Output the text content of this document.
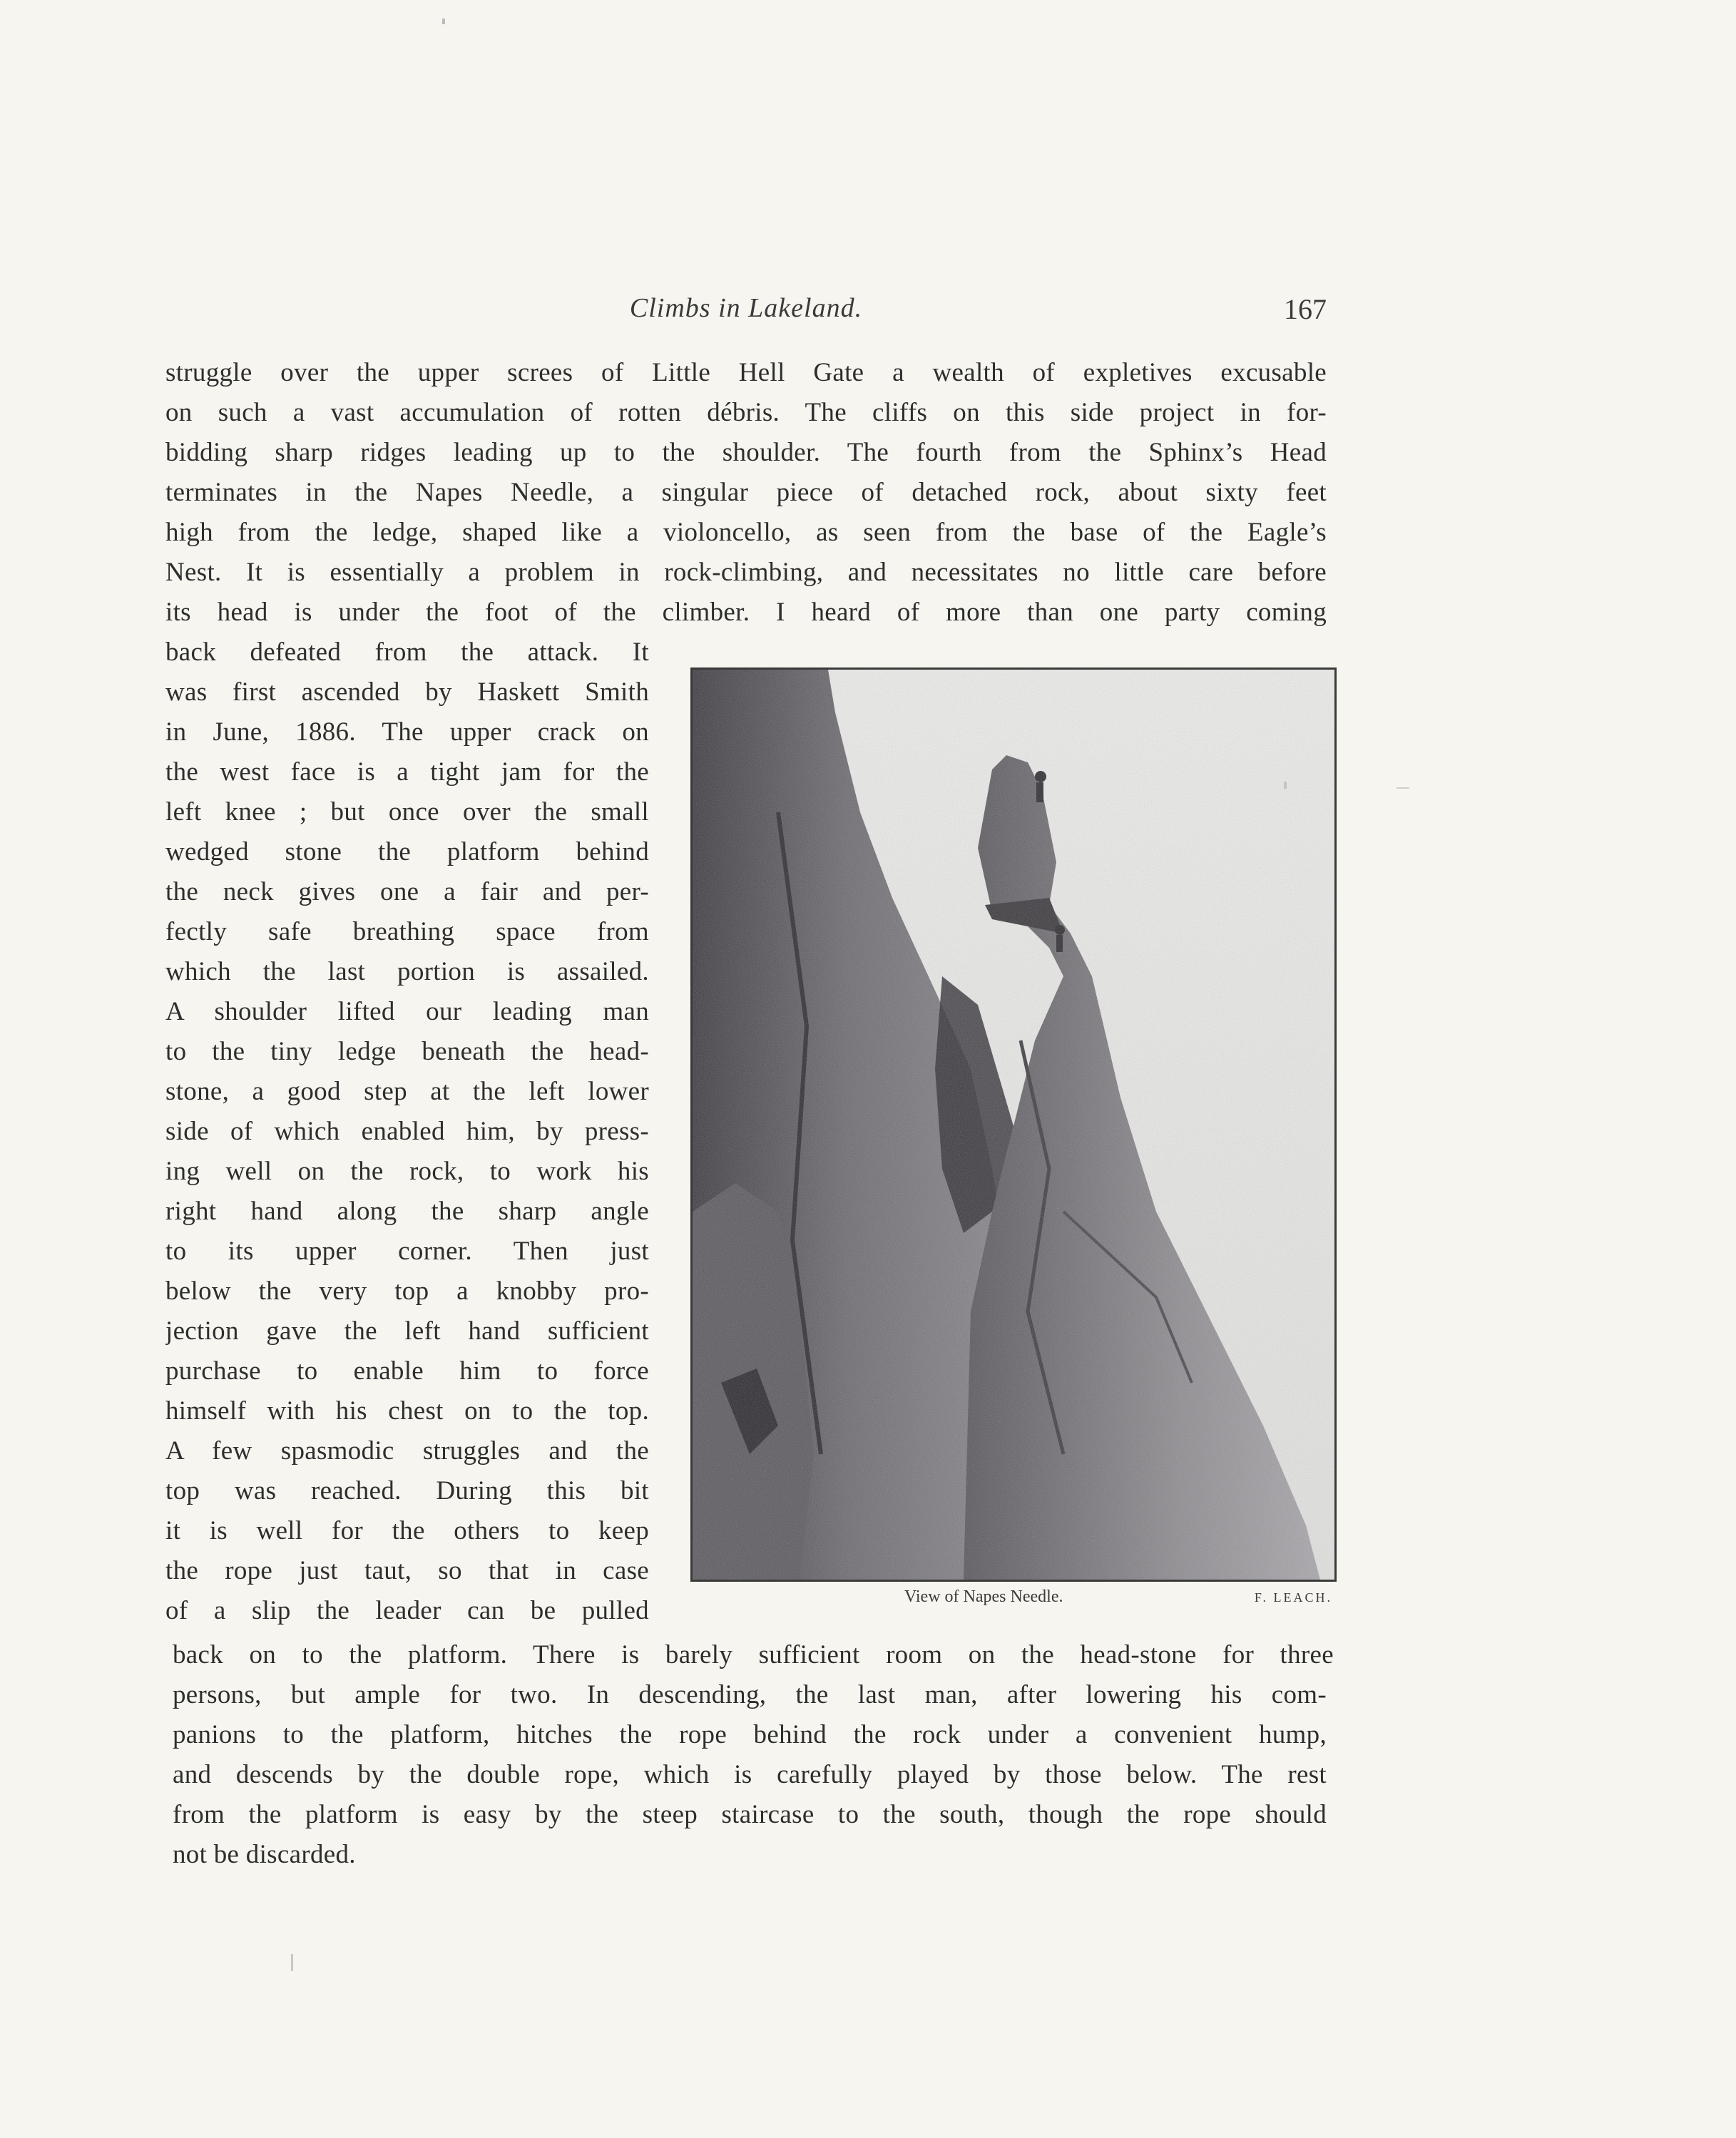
Climbs in Lakeland.	167
struggle over the upper screes of Little Hell Gate a wealth of expletives excusable
on such a vast accumulation of rotten débris. The cliffs on this side project in for-
bidding sharp ridges leading up to the shoulder. The fourth from the Sphinx’s Head
terminates in the Napes Needle, a singular piece of detached rock, about sixty feet
high from the ledge, shaped like a violoncello, as seen from the base of the Eagle’s
Nest. It is essentially a problem in rock-climbing, and necessitates no little care before
its head is under the foot of the climber. I heard of more than one party coming
back defeated from the attack. It
was first ascended by Haskett Smith
in June, 1886. The upper crack on
the west face is a tight jam for the
left knee ; but once over the small
wedged stone the platform behind
the neck gives one a fair and per-
fectly safe breathing space from
which the last portion is assailed.
A shoulder lifted our leading man
to the tiny ledge beneath the head-
stone, a good step at the left lower
side of which enabled him, by press-
ing well on the rock, to work his
right hand along the sharp angle
to its upper corner. Then just
below the very top a knobby pro-
jection gave the left hand sufficient
purchase to enable him to force
himself with his chest on to the top.
A few spasmodic struggles and the
top was reached. During this bit
it is well for the others to keep
the rope just taut, so that in case
of a slip the leader can be pulled
back on to the platform. There is barely sufficient room on the head-stone for three
persons, but ample for two. In descending, the last man, after lowering his com-
panions to the platform, hitches the rope behind the rock under a convenient hump,
and descends by the double rope, which is carefully played by those below. The rest
from the platform is easy by the steep staircase to the south, though the rope should
not be discarded.
View of Napes Needle.	F. LEACH.
